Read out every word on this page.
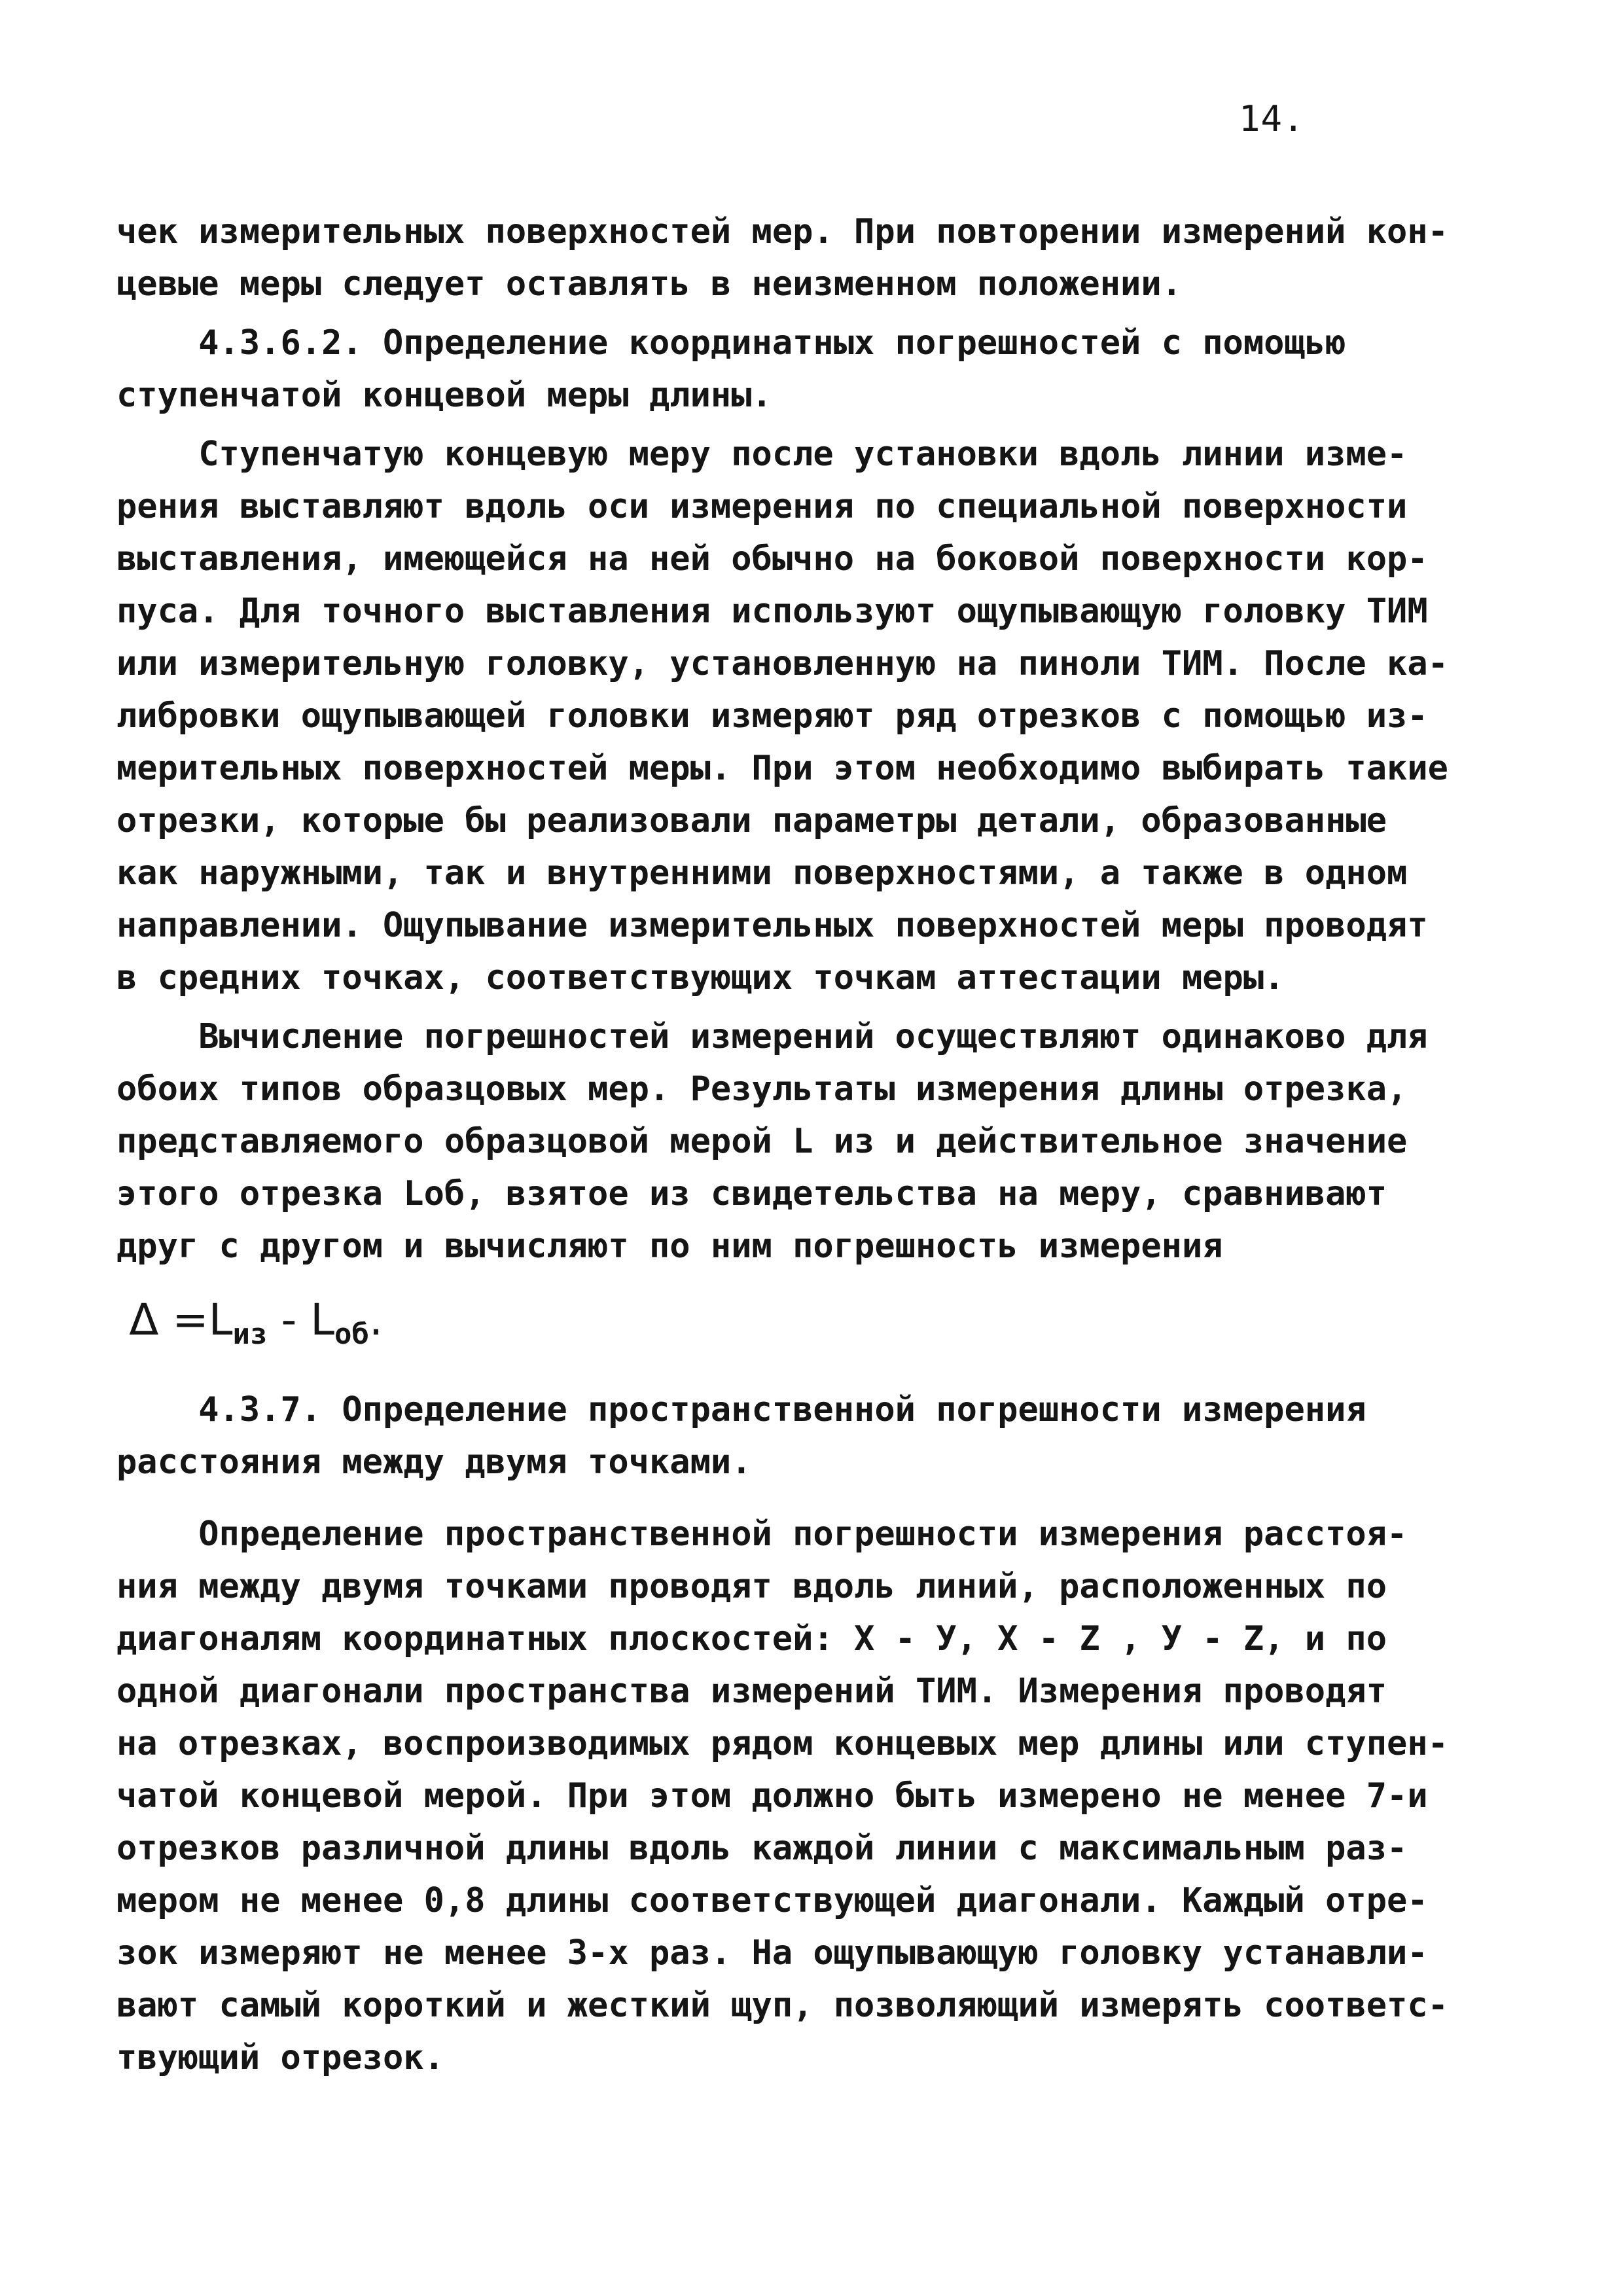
14.
чек измерительных поверхностей мер. При повторении измерений кон-
цевые меры следует оставлять в неизменном положении.
4.3.6.2. Определение координатных погрешностей с помощью
ступенчатой концевой меры длины.
Ступенчатую концевую меру после установки вдоль линии изме-
рения выставляют вдоль оси измерения по специальной поверхности
выставления, имеющейся на ней обычно на боковой поверхности кор-
пуса. Для точного выставления используют ощупывающую головку ТИМ
или измерительную головку, установленную на пиноли ТИМ. После ка-
либровки ощупывающей головки измеряют ряд отрезков с помощью из-
мерительных поверхностей меры. При этом необходимо выбирать такие
отрезки, которые бы реализовали параметры детали, образованные
как наружными, так и внутренними поверхностями, а также в одном
направлении. Ощупывание измерительных поверхностей меры проводят
в средних точках, соответствующих точкам аттестации меры.
Вычисление погрешностей измерений осуществляют одинаково для
обоих типов образцовых мер. Результаты измерения длины отрезка,
представляемого образцовой мерой L из и действительное значение
этого отрезка Lоб, взятое из свидетельства на меру, сравнивают
друг с другом и вычисляют по ним погрешность измерения
4.3.7. Определение пространственной погрешности измерения
расстояния между двумя точками.
Определение пространственной погрешности измерения расстоя-
ния между двумя точками проводят вдоль линий, расположенных по
диагоналям координатных плоскостей: X - У, X - Z , У - Z, и по
одной диагонали пространства измерений ТИМ. Измерения проводят
на отрезках, воспроизводимых рядом концевых мер длины или ступен-
чатой концевой мерой. При этом должно быть измерено не менее 7-и
отрезков различной длины вдоль каждой линии с максимальным раз-
мером не менее 0,8 длины соответствующей диагонали. Каждый отре-
зок измеряют не менее 3-х раз. На ощупывающую головку устанавли-
вают самый короткий и жесткий щуп, позволяющий измерять соответс-
твующий отрезок.

Δ =Lиз - Lоб.
